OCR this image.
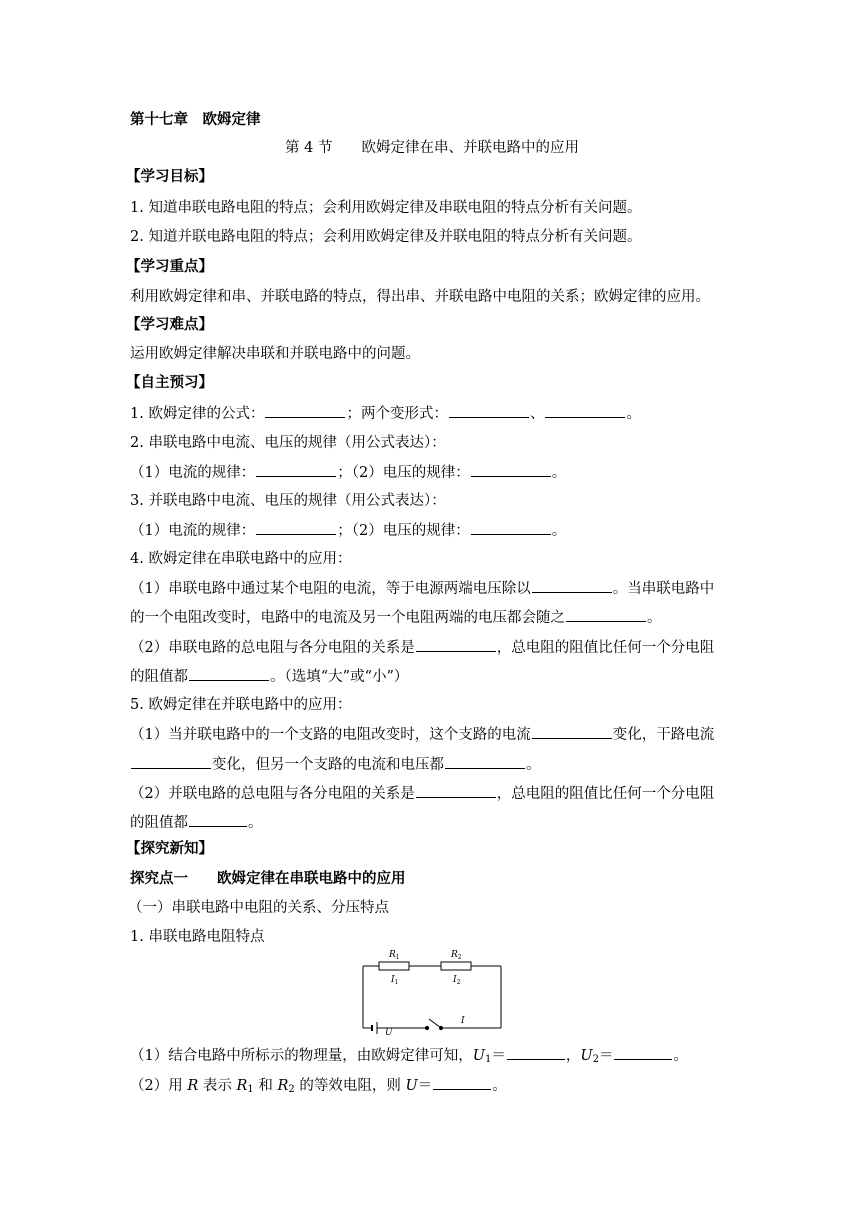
第十七章　欧姆定律
第 4 节　　欧姆定律在串、并联电路中的应用
【学习目标】
1. 知道串联电路电阻的特点；会利用欧姆定律及串联电阻的特点分析有关问题。
2. 知道并联电路电阻的特点；会利用欧姆定律及并联电阻的特点分析有关问题。
【学习重点】
利用欧姆定律和串、并联电路的特点，得出串、并联电路中电阻的关系；欧姆定律的应用。
【学习难点】
运用欧姆定律解决串联和并联电路中的问题。
【自主预习】
1. 欧姆定律的公式：	；两个变形式：	、	。
2. 串联电路中电流、电压的规律（用公式表达）：
（1）电流的规律：	；（2）电压的规律：	。
3. 并联电路中电流、电压的规律（用公式表达）：
（1）电流的规律：	；（2）电压的规律：	。
4. 欧姆定律在串联电路中的应用：
（1）串联电路中通过某个电阻的电流，等于电源两端电压除以	。当串联电路中
的一个电阻改变时，电路中的电流及另一个电阻两端的电压都会随之	。
（2）串联电路的总电阻与各分电阻的关系是	，总电阻的阻值比任何一个分电阻
的阻值都	。（选填“大”或“小”）
5. 欧姆定律在并联电路中的应用：
（1）当并联电路中的一个支路的电阻改变时，这个支路的电流	变化，干路电流
变化，但另一个支路的电流和电压都	。
（2）并联电路的总电阻与各分电阻的关系是	，总电阻的阻值比任何一个分电阻
的阻值都	。
【探究新知】
探究点一　　欧姆定律在串联电路中的应用
（一）串联电路中电阻的关系、分压特点
1. 串联电路电阻特点
$R_1$	$R_2$
$I_1$	$I_2$
U
I
（1）结合电路中所标示的物理量，由欧姆定律可知，$U_1=$	，$U_2=$	。
（2）用 R 表示 $R_1$ 和 $R_2$ 的等效电阻，则 U＝	。
